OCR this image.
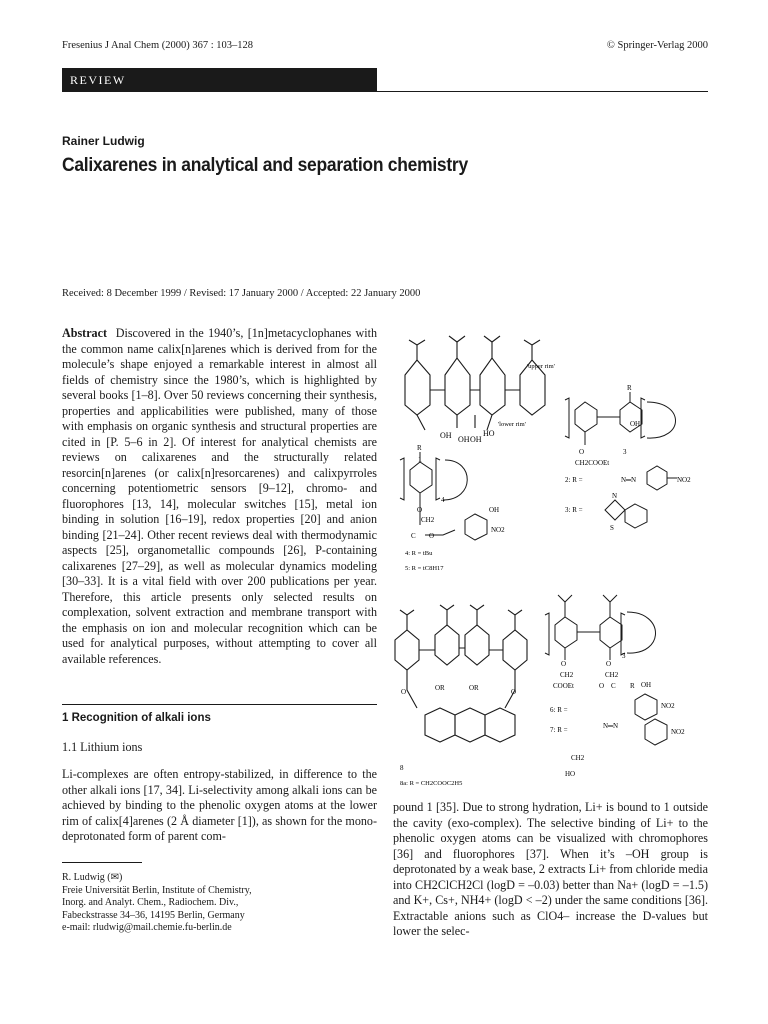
Fresenius J Anal Chem (2000) 367 : 103–128	© Springer-Verlag 2000
REVIEW
Rainer Ludwig
Calixarenes in analytical and separation chemistry
Received: 8 December 1999 / Revised: 17 January 2000 / Accepted: 22 January 2000
Abstract Discovered in the 1940’s, [1n]metacyclophanes with the common name calix[n]arenes which is derived from for the molecule’s shape enjoyed a remarkable interest in almost all fields of chemistry since the 1980’s, which is highlighted by several books [1–8]. Over 50 reviews concerning their synthesis, properties and applicabilities were published, many of those with emphasis on organic synthesis and structural properties are cited in [P. 5–6 in 2]. Of interest for analytical chemists are reviews on calixarenes and the structurally related resorcin[n]arenes (or calix[n]resorcarenes) and calixpyrroles concerning potentiometric sensors [9–12], chromo- and fluorophores [13, 14], molecular switches [15], metal ion binding in solution [16–19], redox properties [20] and anion binding [21–24]. Other recent reviews deal with thermodynamic aspects [25], organometallic compounds [26], P-containing calixarenes [27–29], as well as molecular dynamics modeling [30–33]. It is a vital field with over 200 publications per year. Therefore, this article presents only selected results on complexation, solvent extraction and membrane transport with the emphasis on ion and molecular recognition which can be used for analytical purposes, without attempting to cover all available references.
1 Recognition of alkali ions
1.1 Lithium ions
Li-complexes are often entropy-stabilized, in difference to the other alkali ions [17, 34]. Li-selectivity among alkali ions can be achieved by binding to the phenolic oxygen atoms at the lower rim of calix[4]arenes (2 Å diameter [1]), as shown for the mono-deprotonated form of parent com-
R. Ludwig (✉)
Freie Universität Berlin, Institute of Chemistry,
Inorg. and Analyt. Chem., Radiochem. Div.,
Fabeckstrasse 34–36, 14195 Berlin, Germany
e-mail: rludwig@mail.chemie.fu-berlin.de
pound 1 [35]. Due to strong hydration, Li+ is bound to 1 outside the cavity (exo-complex). The selective binding of Li+ to the phenolic oxygen atoms can be visualized with chromophores [36] and fluorophores [37]. When it’s –OH group is deprotonated by a weak base, 2 extracts Li+ from chloride media into CH2ClCH2Cl (logD = –0.03) better than Na+ (logD = –1.5) and K+, Cs+, NH4+ (logD < –2) under the same conditions [36]. Extractable anions such as ClO4– increase the D-values but lower the selec-
OH OH OH
HO
1
'upper rim'
'lower rim'
R
3
OH
O
CH2COOEt
2: R =	N═N	NO2
3: R =
N
S
R
4
O
CH2
C O
OH
NO2
4: R = tBu
5: R = tC8H17
O	OR	OR	O
8
8a: R = CH2COOC2H5
3
O	O
CH2	CH2
COOEt	O C R OH
6: R =	NO2
7: R =	N═N
NO2
CH2
HO
